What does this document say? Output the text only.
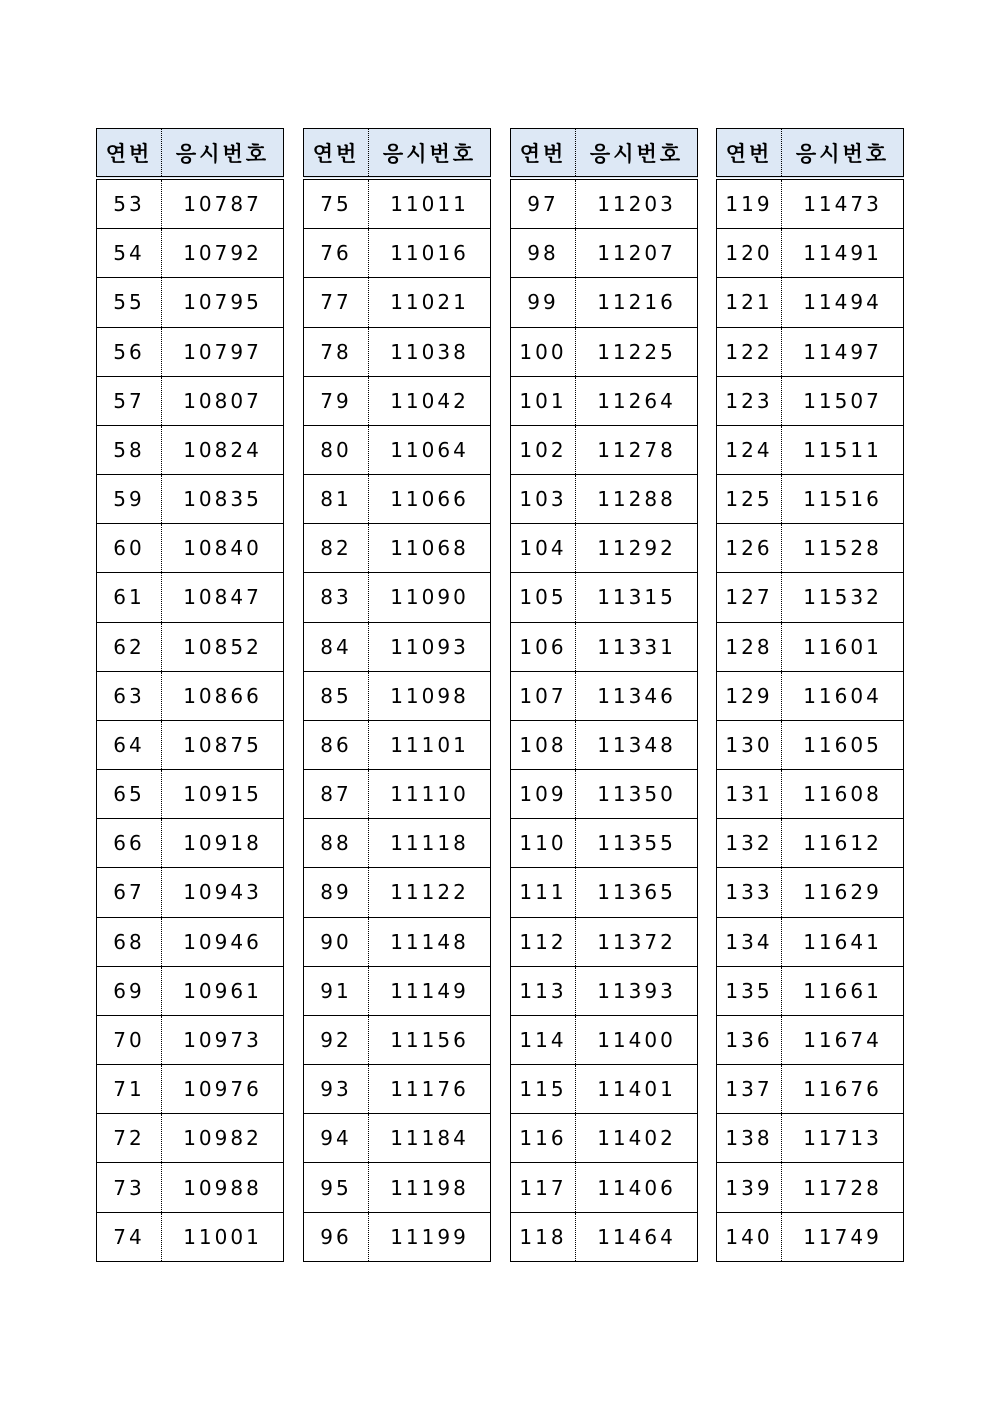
연번	응시번호
53	10787
54	10792
55	10795
56	10797
57	10807
58	10824
59	10835
60	10840
61	10847
62	10852
63	10866
64	10875
65	10915
66	10918
67	10943
68	10946
69	10961
70	10973
71	10976
72	10982
73	10988
74	11001
연번	응시번호
75	11011
76	11016
77	11021
78	11038
79	11042
80	11064
81	11066
82	11068
83	11090
84	11093
85	11098
86	11101
87	11110
88	11118
89	11122
90	11148
91	11149
92	11156
93	11176
94	11184
95	11198
96	11199
연번	응시번호
97	11203
98	11207
99	11216
100	11225
101	11264
102	11278
103	11288
104	11292
105	11315
106	11331
107	11346
108	11348
109	11350
110	11355
111	11365
112	11372
113	11393
114	11400
115	11401
116	11402
117	11406
118	11464
연번	응시번호
119	11473
120	11491
121	11494
122	11497
123	11507
124	11511
125	11516
126	11528
127	11532
128	11601
129	11604
130	11605
131	11608
132	11612
133	11629
134	11641
135	11661
136	11674
137	11676
138	11713
139	11728
140	11749
